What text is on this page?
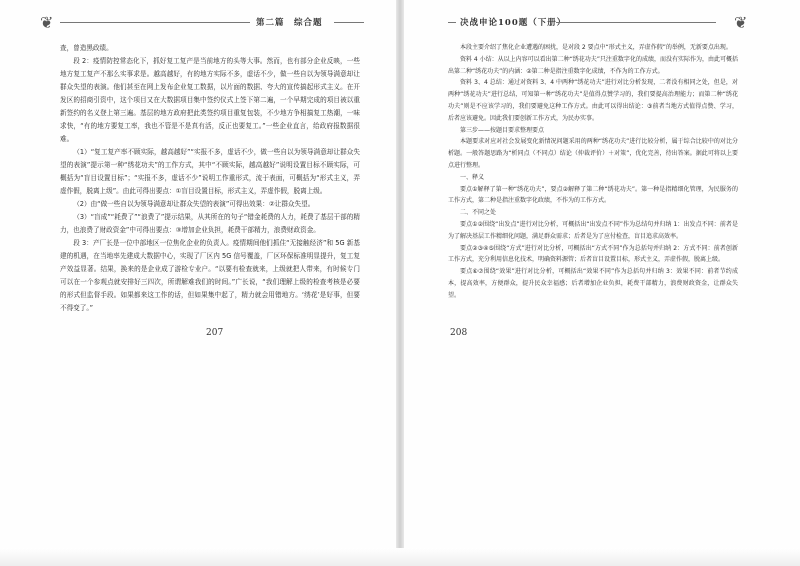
❦	第二篇　综合题

查，曾造黑政绩。

段 2：疫情防控常态化下，抓好复工复产是当前地方的头等大事。然而，也有部分企业反映，一些地方复工复产不那么实事求是。越高越好，有的地方实际不多，虚话不少，做一些自以为领导满意却让群众失望的表演。他们甚至在网上发布企业复工数据，以片面的数据、夸大的宣传搞起形式主义。在开发区的招商引资中，这个项目又在大数据项目集中签约仪式上签下第二遍，一个早期完成的项目被以重新签约的名义登上第三遍。基层的地方政府把此类签约项目重复包装，不少地方争相搞复工热潮，一味求快，“有的地方要复工率，我也不管是不是真有活，反正也要复工。”一些企业直言，给政府报数据很难。

（1）“复工复产率不顾实际，越高越好”“实报不多，虚话不少，做一些自以为领导满意却让群众失望的表演”提示第一种“绣花功夫”的工作方式，其中“不顾实际，越高越好”说明设置目标不顾实际，可概括为“盲目设置目标”；“实报不多，虚话不少”说明工作重形式，流于表面，可概括为“形式主义，弄虚作假，脱离上级”。由此可得出要点：①盲目设置目标，形式主义，弄虚作假，脱离上级。

（2）由“做一些自以为领导满意却让群众失望的表演”可得出效果：②让群众失望。

（3）“盲成”“耗费了”“浪费了”提示结果，从其所在的句子“错金耗费的人力，耗费了基层干部的精力，也浪费了财政资金”中可得出要点：③增加企业负担，耗费干部精力，浪费财政资金。

段 3：产厂长是一位中部地区一位焦化企业的负责人。疫情期间他们抓住“无接触经济”和 5G 新基建的机遇，在当地率先建成大数据中心，实现了厂区内 5G 信号覆盖，厂区环保标准明显提升，复工复产效益显著。结果，换来的是企业成了游检专业户。“以要有检查就来，上级就把人带来，有时候专门可以在一个参观点就安排好三四次，所谓解难我们的时间。”广长说，“我们理解上级的检查考核是必要的形式但监督手段。如果都来这工作的话，但如果集中起了，精力就会用错地方。‘绣花’是好事，但要不得变了。”

207
决战申论100题（下册）	❦

本段主要介绍了焦化企业遭遇的困扰，是对段 2 要点中“形式主义，弄虚作假”的举例，无新要点出现。

资料 4 小结：从以上内容可以看出第二种“绣花功夫”只注重数字化的成绩，而没有实际作为，由此可概括出第二种“绣花功夫”的内涵：②第二种是指注重数字化成绩，不作为的工作方式。

资料 3、4 总结：通过对资料 3、4 中两种“绣花功夫”进行对比分析发现，二者没有相同之处，但是，对两种“绣花功夫”进行总结，可知第一种“绣花功夫”是值得点赞学习的，我们要提高治理能力；而第二种“绣花功夫”则是不应该学习的，我们要避免这种工作方式。由此可以得出结论：③前者当地方式值得点赞、学习，后者应该避免。因此我们要创新工作方式，为民办实事。

第三步——按题目要求整理要点

本题要求对应对社会发展变化新情况问题采用的两种“绣花功夫”进行比较分析，属于综合比较中的对比分析题。一般答题思路为“析同点（不同点）结论（仲裁评价）＋对策”，优化完善，待出答案。据此可将以上要点进行整理。

一、释义

要点①解释了第一种“绣花功夫”，要点②解释了第二种“绣花功夫”。第一种是指精细化管理，为民服务的工作方式，第二种是指注重数字化政绩，不作为的工作方式。

二、不同之处

要点①②围绕“出发点”进行对比分析，可概括出“出发点不同”作为总结句并归纳 1：出发点不同：前者是为了解决基层工作精细化问题，满足群众需求；后者是为了应付检查，盲目追求高效率。

要点②③④⑤围绕“方式”进行对比分析，可概括出“方式不同”作为总括句并归纳 2：方式不同：前者创新工作方式，充分利用信息化技术，明确资料源管；后者盲目设置目标，形式主义，弄虚作假，脱离上级。

要点⑥⑦围绕“效果”进行对比分析，可概括出“效果不同”作为总括句并归纳 3：效果不同：前者节约成本，提高效率，方便群众，提升民众幸福感；后者增加企业负担，耗费干部精力，浪费财政资金，让群众失望。

208
